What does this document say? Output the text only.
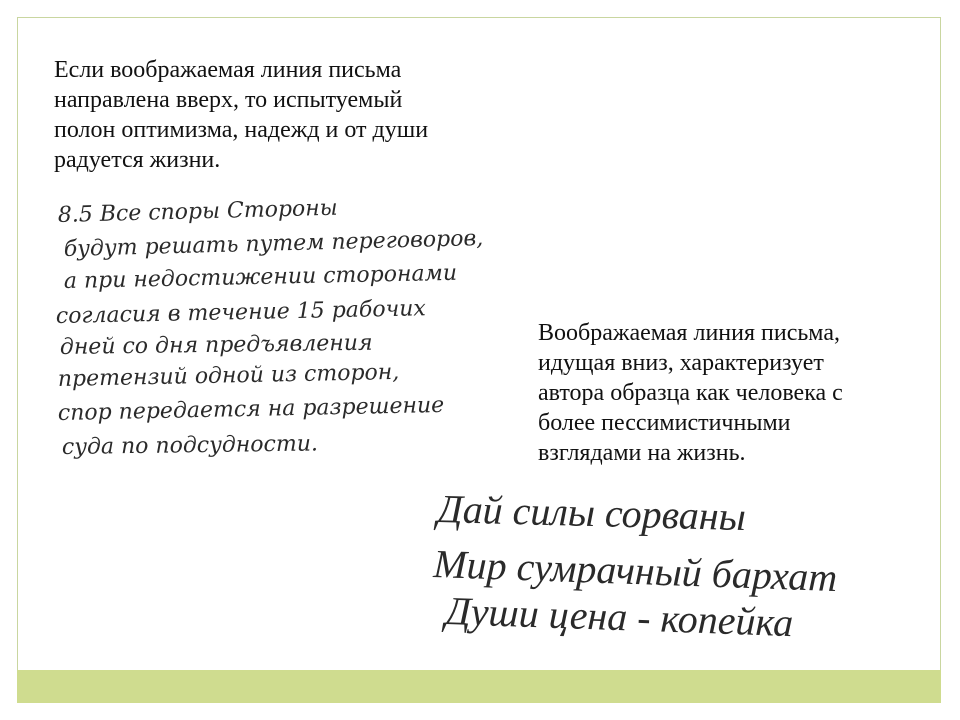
Если воображаемая линия письма
направлена вверх, то испытуемый
полон оптимизма, надежд и от души
радуется жизни.
Воображаемая линия письма,
идущая вниз, характеризует
автора образца как человека с
более пессимистичными
взглядами на жизнь.
8.5 Все споры Стороны
будут решать путем переговоров,
а при недостижении сторонами
согласия в течение 15 рабочих
дней со дня предъявления
претензий одной из сторон,
спор передается на разрешение
суда по подсудности.
Дай силы сорваны
Мир сумрачный бархат
Души цена - копейка
